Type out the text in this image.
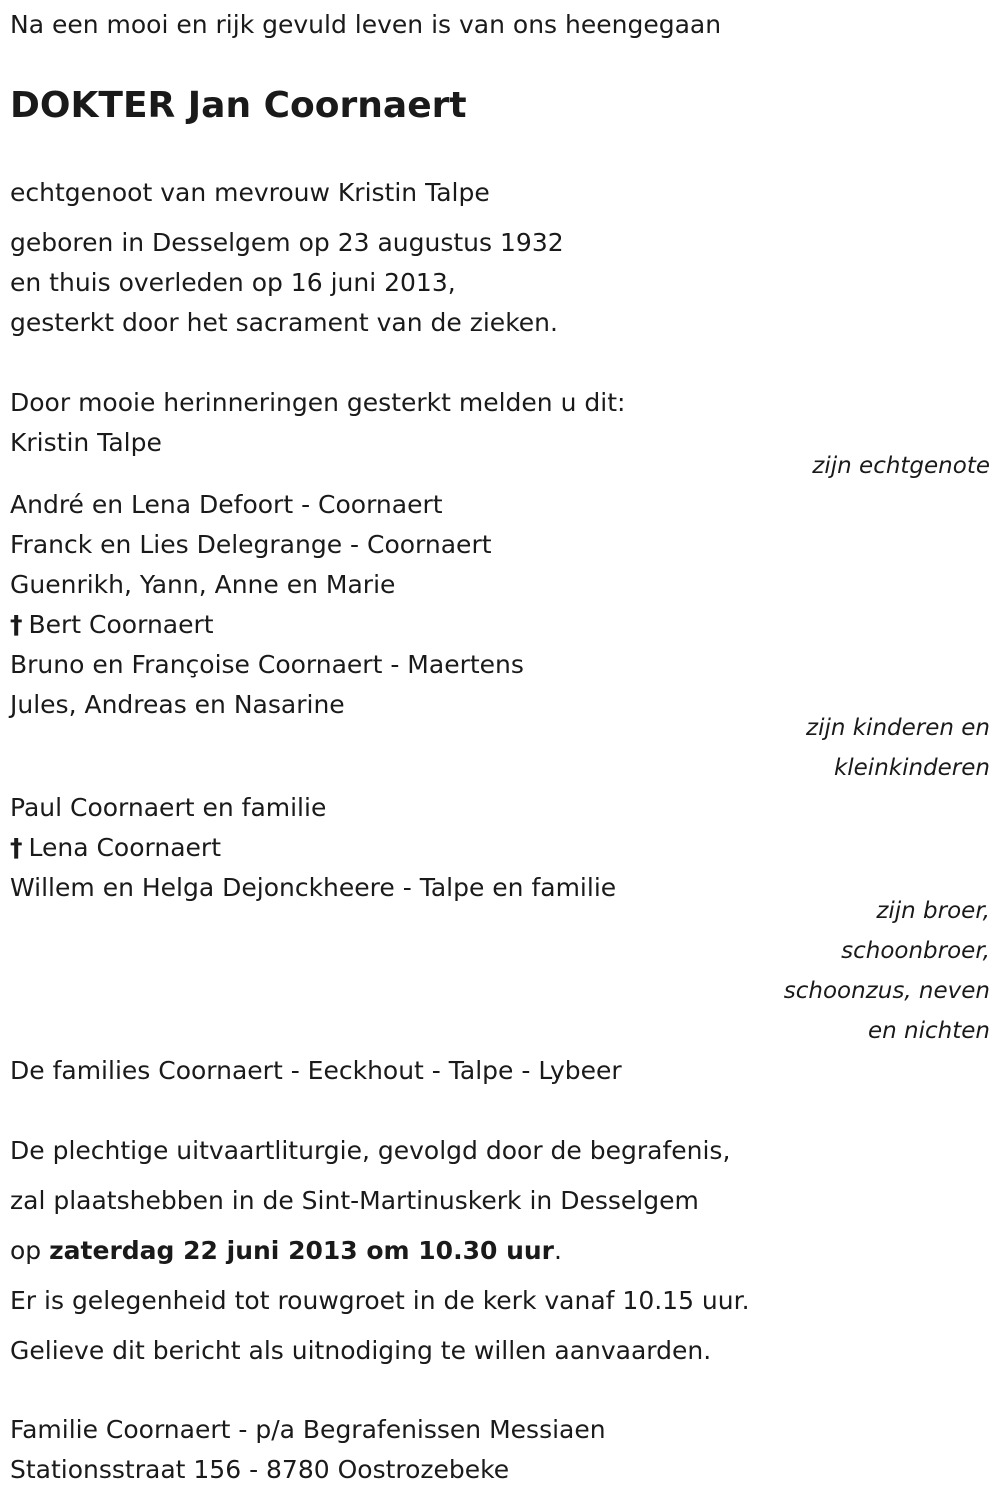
Na een mooi en rijk gevuld leven is van ons heengegaan
DOKTER Jan Coornaert
echtgenoot van mevrouw Kristin Talpe
geboren in Desselgem op 23 augustus 1932
en thuis overleden op 16 juni 2013,
gesterkt door het sacrament van de zieken.
Door mooie herinneringen gesterkt melden u dit:
Kristin Talpe
zijn echtgenote
André en Lena Defoort - Coornaert
Franck en Lies Delegrange - Coornaert
Guenrikh, Yann, Anne en Marie
† Bert Coornaert
Bruno en Françoise Coornaert - Maertens
Jules, Andreas en Nasarine
zijn kinderen en
kleinkinderen
Paul Coornaert en familie
† Lena Coornaert
Willem en Helga Dejonckheere - Talpe en familie
zijn broer,
schoonbroer,
schoonzus, neven
en nichten
De families Coornaert - Eeckhout - Talpe - Lybeer
De plechtige uitvaartliturgie, gevolgd door de begrafenis,
zal plaatshebben in de Sint-Martinuskerk in Desselgem
op zaterdag 22 juni 2013 om 10.30 uur.
Er is gelegenheid tot rouwgroet in de kerk vanaf 10.15 uur.
Gelieve dit bericht als uitnodiging te willen aanvaarden.
Familie Coornaert - p/a Begrafenissen Messiaen
Stationsstraat 156 - 8780 Oostrozebeke
